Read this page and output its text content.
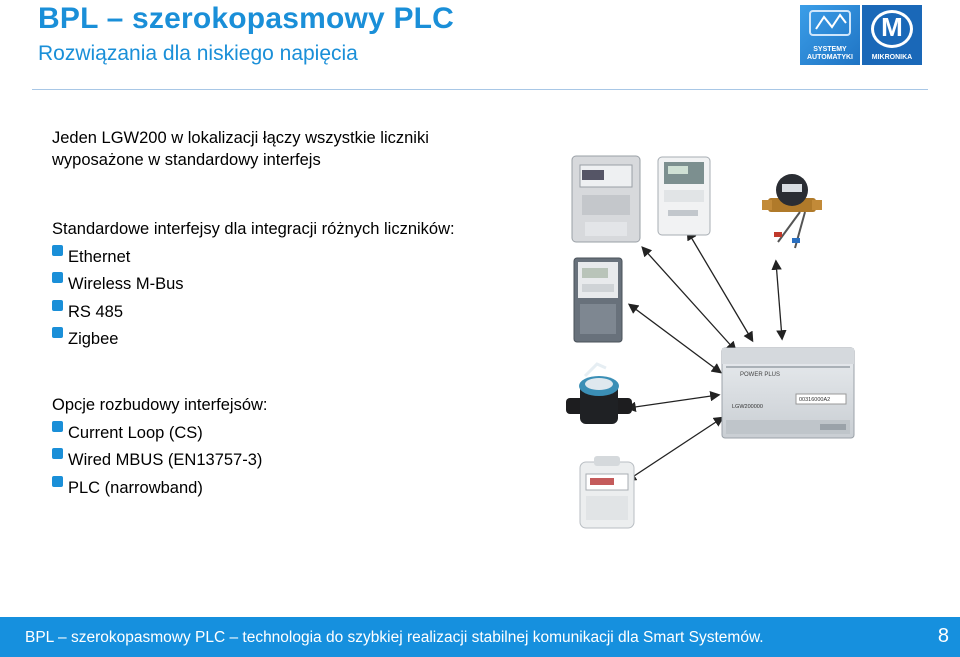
BPL – szerokopasmowy PLC
Rozwiązania dla niskiego napięcia	SYSTEMY
AUTOMATYKI
M
MIKRONIKA
Jeden LGW200 w lokalizacji łączy wszystkie liczniki
wyposażone w standardowy interfejs
Standardowe interfejsy dla integracji różnych liczników:
Ethernet
Wireless M-Bus
RS 485
Zigbee
Opcje rozbudowy interfejsów:
Current Loop (CS)
Wired MBUS (EN13757-3)
PLC (narrowband)
POWER PLUS
LGW200000
00316000A2
BPL – szerokopasmowy PLC – technologia do szybkiej realizacji stabilnej komunikacji dla Smart Systemów.	8
